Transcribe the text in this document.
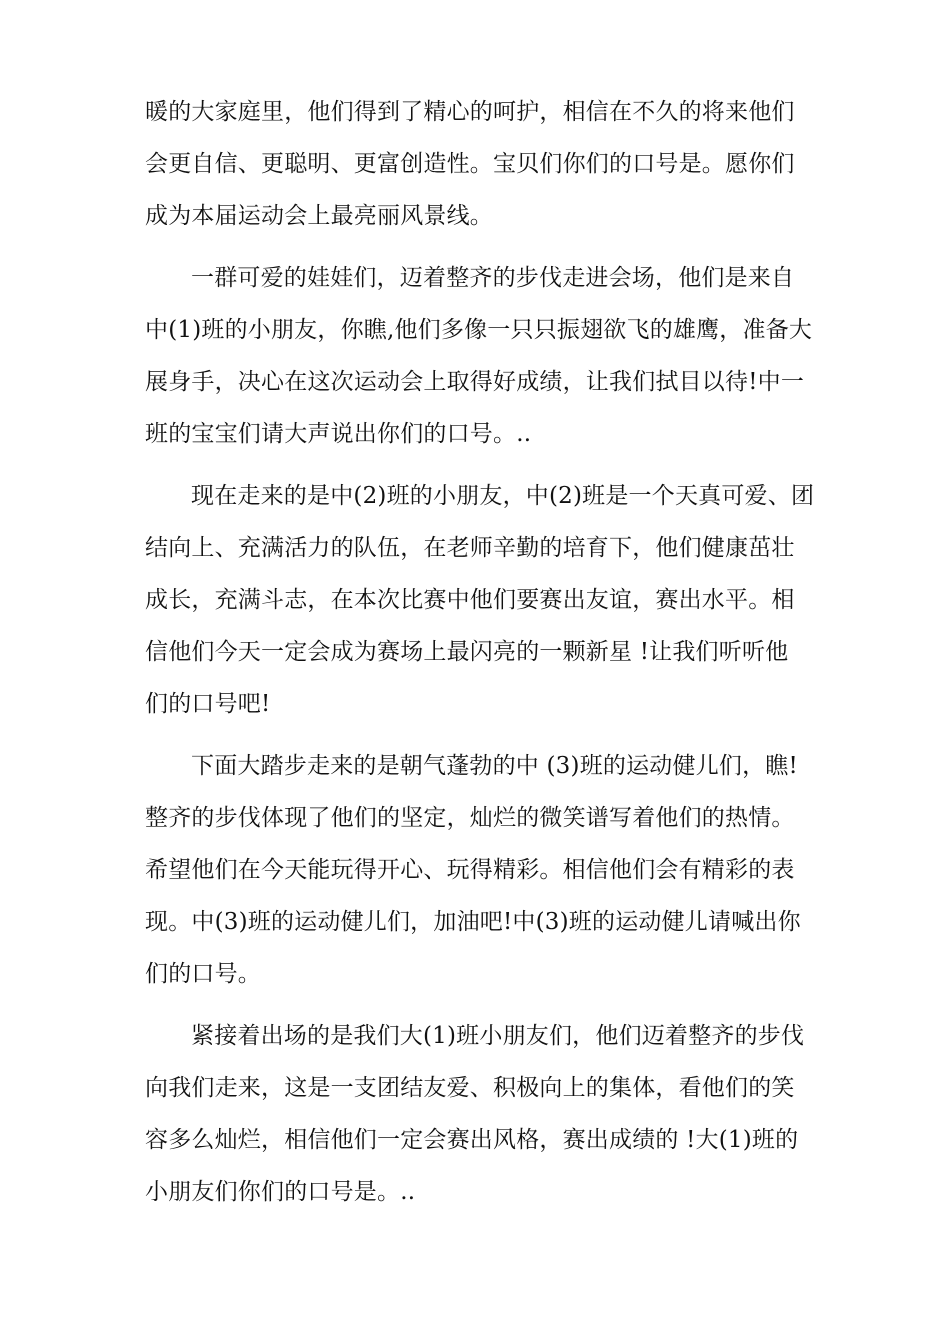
暖的大家庭里，他们得到了精心的呵护，相信在不久的将来他们
会更自信、更聪明、更富创造性。宝贝们你们的口号是。愿你们
成为本届运动会上最亮丽风景线。

一群可爱的娃娃们，迈着整齐的步伐走进会场，他们是来自
中(1)班的小朋友，你瞧,他们多像一只只振翅欲飞的雄鹰，准备大
展身手，决心在这次运动会上取得好成绩，让我们拭目以待!中一
班的宝宝们请大声说出你们的口号。..

现在走来的是中(2)班的小朋友，中(2)班是一个天真可爱、团
结向上、充满活力的队伍，在老师辛勤的培育下，他们健康茁壮
成长，充满斗志，在本次比赛中他们要赛出友谊，赛出水平。相
信他们今天一定会成为赛场上最闪亮的一颗新星 !让我们听听他
们的口号吧!

下面大踏步走来的是朝气蓬勃的中 (3)班的运动健儿们，瞧!
整齐的步伐体现了他们的坚定，灿烂的微笑谱写着他们的热情。
希望他们在今天能玩得开心、玩得精彩。相信他们会有精彩的表
现。中(3)班的运动健儿们，加油吧!中(3)班的运动健儿请喊出你
们的口号。

紧接着出场的是我们大(1)班小朋友们，他们迈着整齐的步伐
向我们走来，这是一支团结友爱、积极向上的集体，看他们的笑
容多么灿烂，相信他们一定会赛出风格，赛出成绩的 !大(1)班的
小朋友们你们的口号是。..
